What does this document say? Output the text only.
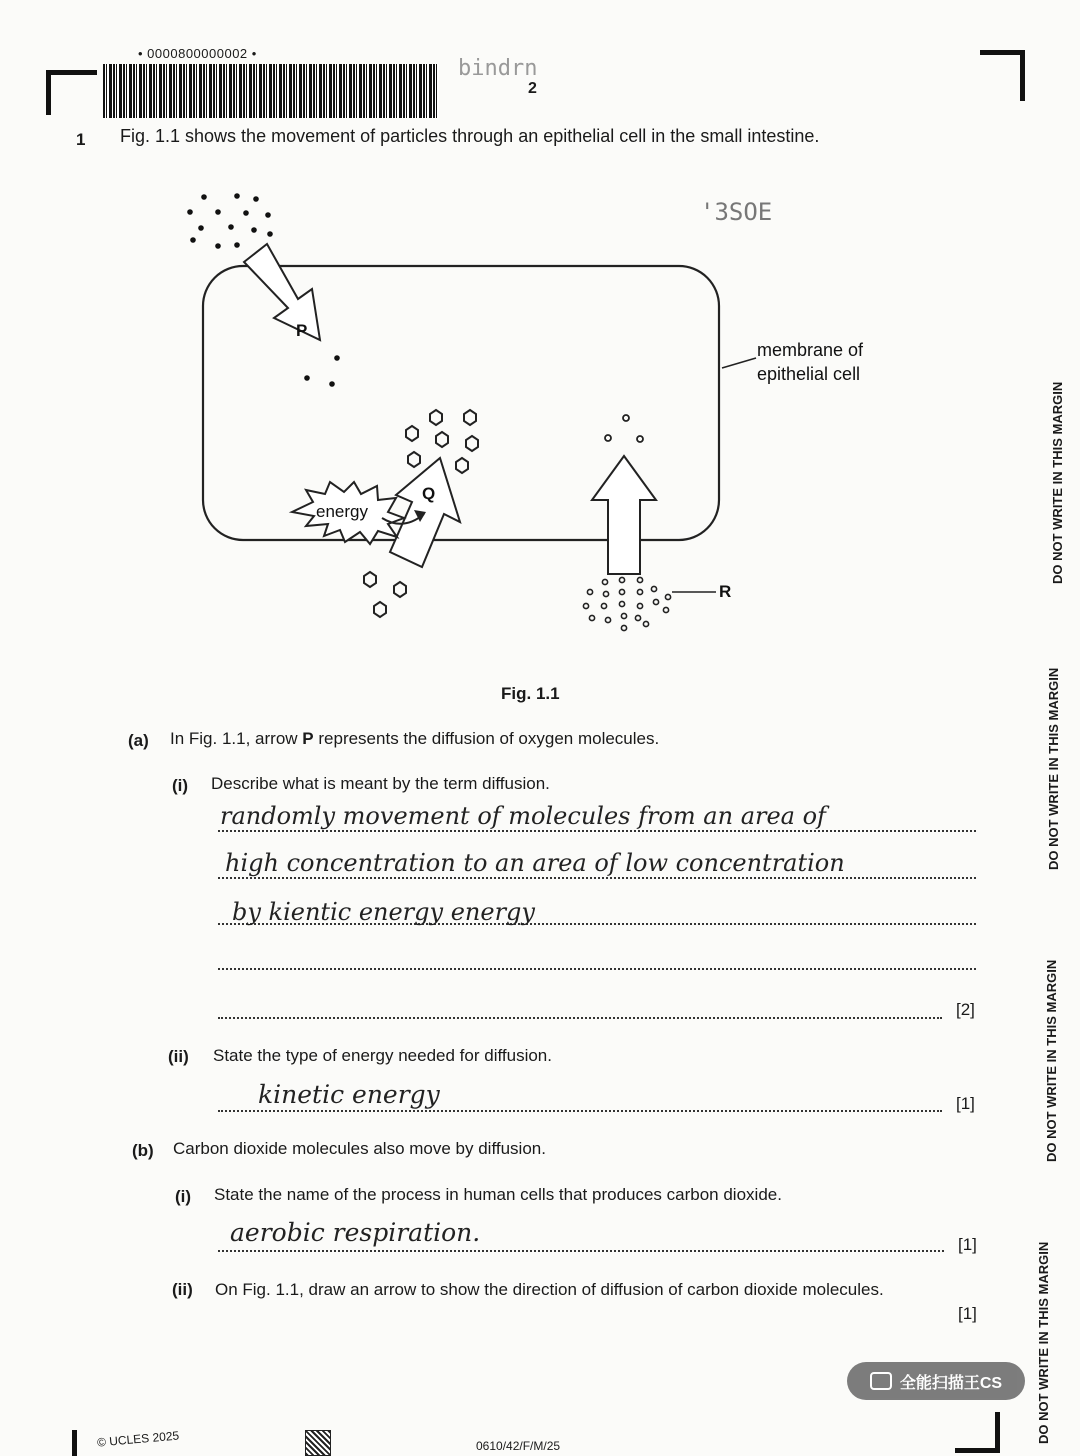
• 0000800000002 •
bindrn
2
'3SOE
1 Fig. 1.1 shows the movement of particles through an epithelial cell in the small intestine.
P
Q
R
energy
membrane of
epithelial cell
Fig. 1.1
(a) In Fig. 1.1, arrow P represents the diffusion of oxygen molecules.
(i) Describe what is meant by the term diffusion.
randomly movement of molecules from an area of
high concentration to an area of low concentration
by kientic energy energy
[2]
(ii) State the type of energy needed for diffusion.
kinetic energy	[1]
(b) Carbon dioxide molecules also move by diffusion.
(i) State the name of the process in human cells that produces carbon dioxide.
aerobic respiration.	[1]
(ii) On Fig. 1.1, draw an arrow to show the direction of diffusion of carbon dioxide molecules.
[1]
DO NOT WRITE IN THIS MARGIN
DO NOT WRITE IN THIS MARGIN
DO NOT WRITE IN THIS MARGIN
DO NOT WRITE IN THIS MARGIN
全能扫描王CS
© UCLES 2025	0610/42/F/M/25
